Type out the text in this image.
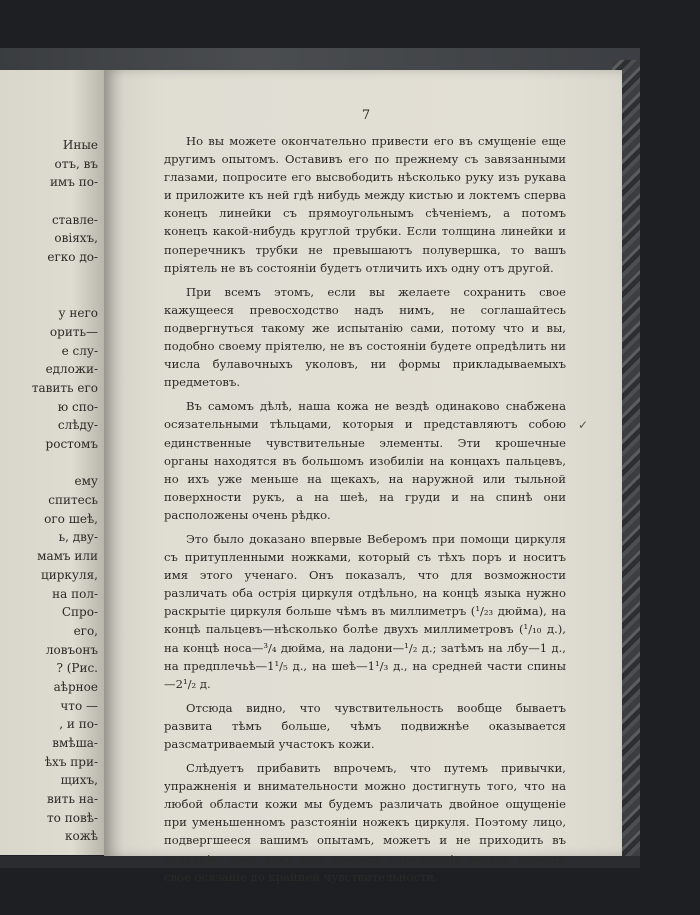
Иные
отъ, въ
имъ по-
ставле-
овіяхъ,
егко до-
у него
орить—
е слу-
едложи-
тавить его
ю спо-
слѣду-
ростомъ
ему
спитесь
ого шеѣ,
ь, дву-
мамъ или
циркуля,
на пол-
Спро-
его,
ловъонъ
? (Рис.
аѣрное
что —
, и по-
вмѣша-
ѣхъ при-
щихъ,
вить на-
то повѣ-
кожѣ
7

Но вы можете окончательно привести его въ смущеніе еще другимъ опытомъ. Оставивъ его по прежнему съ завязанными глазами, попросите его высвободить нѣсколько руку изъ рукава и приложите къ ней гдѣ нибудь между кистью и локтемъ сперва конецъ линейки съ прямоугольнымъ сѣченіемъ, а потомъ конецъ какой-нибудь круглой трубки. Если толщина линейки и поперечникъ трубки не превышаютъ полувершка, то вашъ пріятель не въ состояніи будетъ отличить ихъ одну отъ другой.

При всемъ этомъ, если вы желаете сохранить свое кажущееся превосходство надъ нимъ, не соглашайтесь подвергнуться такому же испытанію сами, потому что и вы, подобно своему пріятелю, не въ состояніи будете опредѣлить ни числа булавочныхъ уколовъ, ни формы прикладываемыхъ предметовъ.

Въ самомъ дѣлѣ, наша кожа не вездѣ одинаково снабжена осязательными тѣльцами, которыя и представляютъ собою единственные чувствительные элементы. Эти крошечные органы находятся въ большомъ изобиліи на концахъ пальцевъ, но ихъ уже меньше на щекахъ, на наружной или тыльной поверхности рукъ, а на шеѣ, на груди и на спинѣ они расположены очень рѣдко.

Это было доказано впервые Веберомъ при помощи циркуля съ притупленными ножками, который съ тѣхъ поръ и носитъ имя этого ученаго. Онъ показалъ, что для возможности различать оба острія циркуля отдѣльно, на концѣ языка нужно раскрытіе циркуля больше чѣмъ въ миллиметръ (¹/₂₃ дюйма), на концѣ пальцевъ—нѣсколько болѣе двухъ миллиметровъ (¹/₁₀ д.), на концѣ носа—³/₄ дюйма, на ладони—¹/₂ д.; затѣмъ на лбу—1 д., на предплечьѣ—1¹/₅ д., на шеѣ—1¹/₃ д., на средней части спины—2¹/₂ д.

Отсюда видно, что чувствительность вообще бываетъ развита тѣмъ больше, чѣмъ подвижнѣе оказывается разсматриваемый участокъ кожи.

Слѣдуетъ прибавить впрочемъ, что путемъ привычки, упражненія и внимательности можно достигнуть того, что на любой области кожи мы будемъ различать двойное ощущеніе при уменьшенномъ разстояніи ножекъ циркуля. Поэтому лицо, подвергшееся вашимъ опытамъ, можетъ и не приходить въ отчаяніе, такъ какъ при помощи упражненія можно довести свое осязаніе до крайней чувствительности.

✓
